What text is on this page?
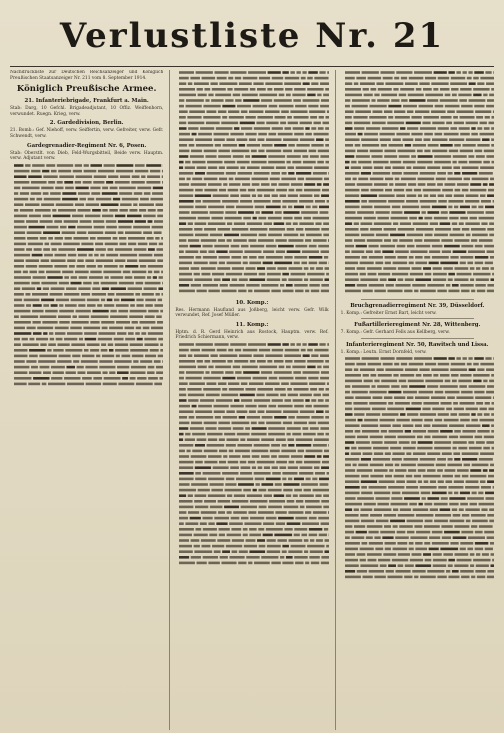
Verlustliste Nr. 21
Nachdruckliste zur Deutschen Reichsanzeiger und Königlich Preußischen Staatsanzeiger Nr. 211 vom 8. September 1914.
Königlich Preußische Armee.
21. Infanteriebrigade, Frankfurt a. Main.
Stab: Darg, 10 Gefchl. Brigadeadjutant, 10 Offiz. Weiffenhorn, verwundet. Ruegn. Krieg, verw.
2. Gardedivision, Berlin.
21. Bomb.: Gef. Niehoff, verw. Seiffertin, verw. Gefreiter, verw. Gefr. Schwendt, verw.
Gardegrenadier-Regiment Nr. 6, Posen.
Stab: Oberstlt. von Dieb, Feld-Wurgsbitteil, Beide verw. Hauptm. verw. Adjutant verw.
10. Komp.:
Res. Hermann Haufland aus Joßberg, leicht verw. Gefr. Wilk verwundet, Ref. Josef Müller.
11. Komp.:
Hptm. d. R. Gerd Heinrich aus Rostock, Hauptm. verw. Ref. Friedrich Schiermann, verw.
Bruchgrenadierregiment Nr. 39, Düsseldorf.
1. Komp.: Gefreiter Ernst Bart, leicht verw.
Fußartillerieregiment Nr. 28, Wittenberg.
7. Komp.: Gefr. Gerhard Fells aus Kellberg, verw.
Infanterieregiment Nr. 50, Rawitsch und Lissa.
1. Komp.: Leutn. Ernst Dornfeld, verw.
